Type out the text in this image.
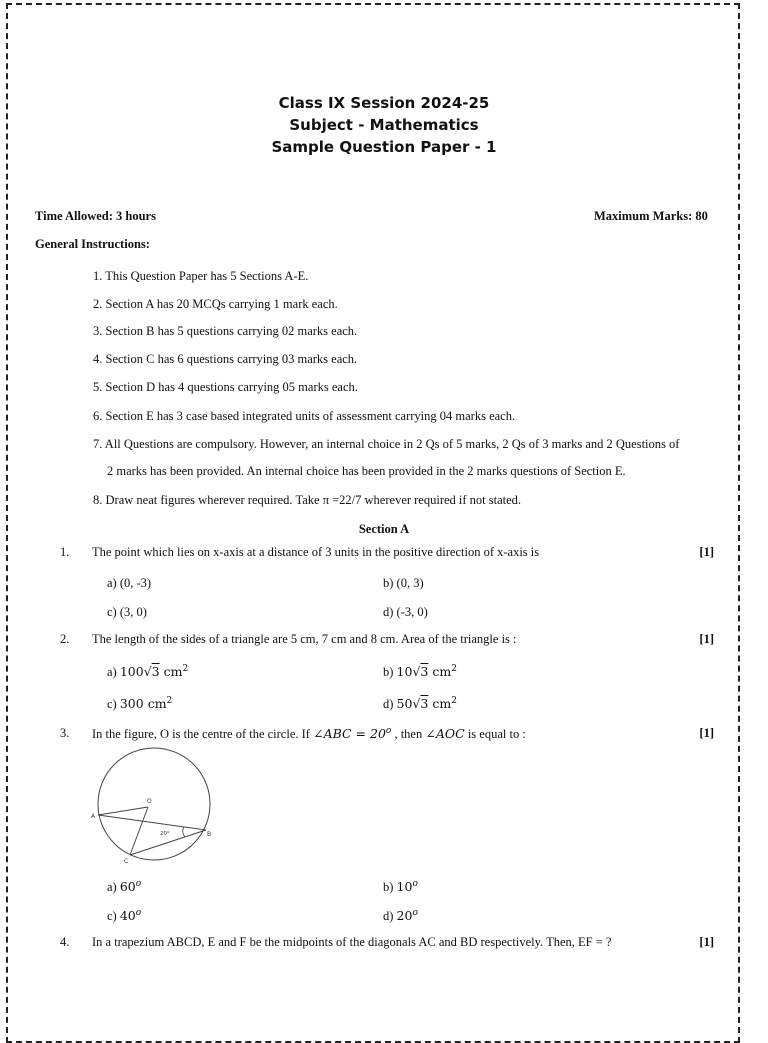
Class IX Session 2024-25
Subject - Mathematics
Sample Question Paper - 1
Time Allowed: 3 hours	Maximum Marks: 80
General Instructions:
1. This Question Paper has 5 Sections A-E.
2. Section A has 20 MCQs carrying 1 mark each.
3. Section B has 5 questions carrying 02 marks each.
4. Section C has 6 questions carrying 03 marks each.
5. Section D has 4 questions carrying 05 marks each.
6. Section E has 3 case based integrated units of assessment carrying 04 marks each.
7. All Questions are compulsory. However, an internal choice in 2 Qs of 5 marks, 2 Qs of 3 marks and 2 Questions of
2 marks has been provided. An internal choice has been provided in the 2 marks questions of Section E.
8. Draw neat figures wherever required. Take π =22/7 wherever required if not stated.
Section A
1. The point which lies on x-axis at a distance of 3 units in the positive direction of x-axis is	[1]
a) (0, -3)	b) (0, 3)
c) (3, 0)	d) (-3, 0)
2. The length of the sides of a triangle are 5 cm, 7 cm and 8 cm. Area of the triangle is :	[1]
a) 100√3 $cm^2$	b) 10√3 $cm^2$
c) 300 $cm^2$	d) 50√3 $cm^2$
3. In the figure, O is the centre of the circle. If ∠ABC = $20^o$ , then ∠AOC is equal to :	[1]
O
A
B
C
20°
a) 60$^o$	b) 10$^o$
c) 40$^o$	d) 20$^o$
4. In a trapezium ABCD, E and F be the midpoints of the diagonals AC and BD respectively. Then, EF = ?	[1]
